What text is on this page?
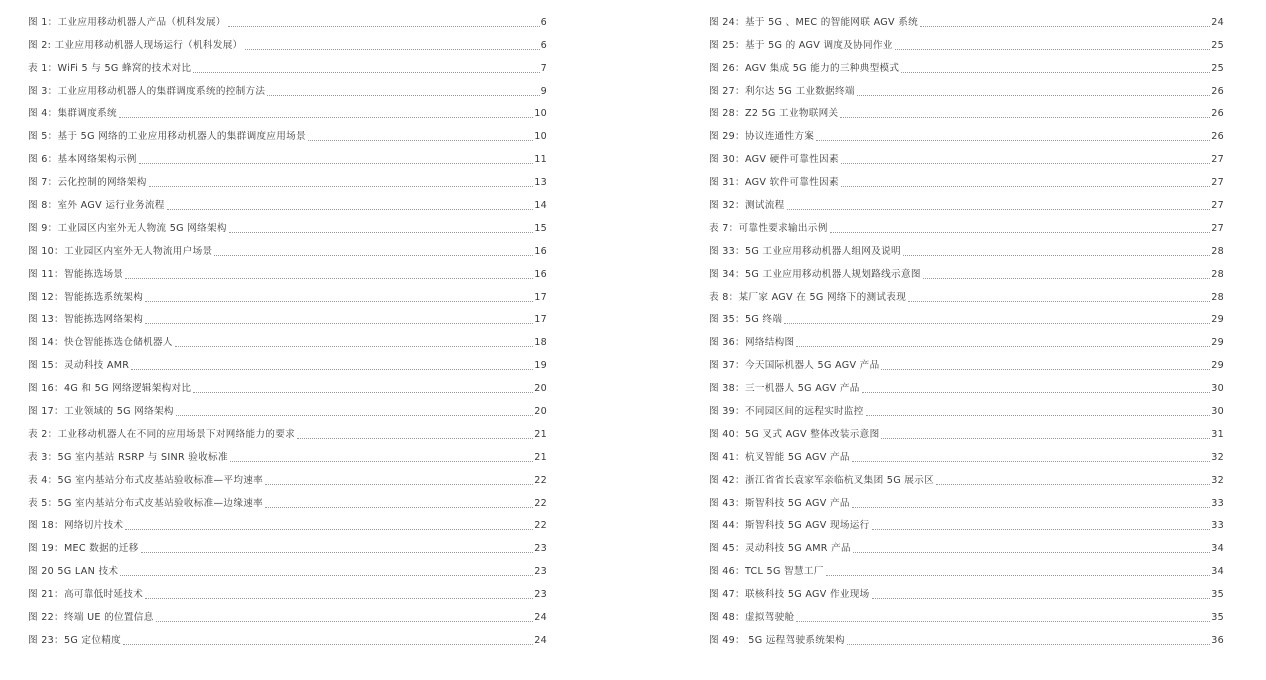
图 1：工业应用移动机器人产品（机科发展）	6
图 2: 工业应用移动机器人现场运行（机科发展）	6
表 1：WiFi 5 与 5G 蜂窝的技术对比	7
图 3：工业应用移动机器人的集群调度系统的控制方法	9
图 4：集群调度系统	10
图 5：基于 5G 网络的工业应用移动机器人的集群调度应用场景	10
图 6：基本网络架构示例	11
图 7：云化控制的网络架构	13
图 8：室外 AGV 运行业务流程	14
图 9：工业园区内室外无人物流 5G 网络架构	15
图 10：工业园区内室外无人物流用户场景	16
图 11：智能拣选场景	16
图 12：智能拣选系统架构	17
图 13：智能拣选网络架构	17
图 14：快仓智能拣选仓储机器人	18
图 15：灵动科技 AMR	19
图 16：4G 和 5G 网络逻辑架构对比	20
图 17：工业领域的 5G 网络架构	20
表 2：工业移动机器人在不同的应用场景下对网络能力的要求	21
表 3：5G 室内基站 RSRP 与 SINR 验收标准	21
表 4：5G 室内基站分布式皮基站验收标准—平均速率	22
表 5：5G 室内基站分布式皮基站验收标准—边缘速率	22
图 18：网络切片技术	22
图 19：MEC 数据的迁移	23
图 20 5G LAN 技术	23
图 21：高可靠低时延技术	23
图 22：终端 UE 的位置信息	24
图 23：5G 定位精度	24
图 24：基于 5G 、MEC 的智能网联 AGV 系统	24
图 25：基于 5G 的 AGV 调度及协同作业	25
图 26：AGV 集成 5G 能力的三种典型模式	25
图 27：利尔达 5G 工业数据终端	26
图 28：Z2 5G 工业物联网关	26
图 29：协议连通性方案	26
图 30：AGV 硬件可靠性因素	27
图 31：AGV 软件可靠性因素	27
图 32：测试流程	27
表 7：可靠性要求输出示例	27
图 33：5G 工业应用移动机器人组网及说明	28
图 34：5G 工业应用移动机器人规划路线示意图	28
表 8：某厂家 AGV 在 5G 网络下的测试表现	28
图 35：5G 终端	29
图 36：网络结构图	29
图 37：今天国际机器人 5G AGV 产品	29
图 38：三一机器人 5G AGV 产品	30
图 39：不同园区间的远程实时监控	30
图 40：5G 叉式 AGV 整体改装示意图	31
图 41：杭叉智能 5G AGV 产品	32
图 42：浙江省省长袁家军亲临杭叉集团 5G 展示区	32
图 43：斯智科技 5G AGV 产品	33
图 44：斯智科技 5G AGV 现场运行	33
图 45：灵动科技 5G AMR 产品	34
图 46：TCL 5G 智慧工厂	34
图 47：联核科技 5G AGV 作业现场	35
图 48：虚拟驾驶舱	35
图 49： 5G 远程驾驶系统架构	36
